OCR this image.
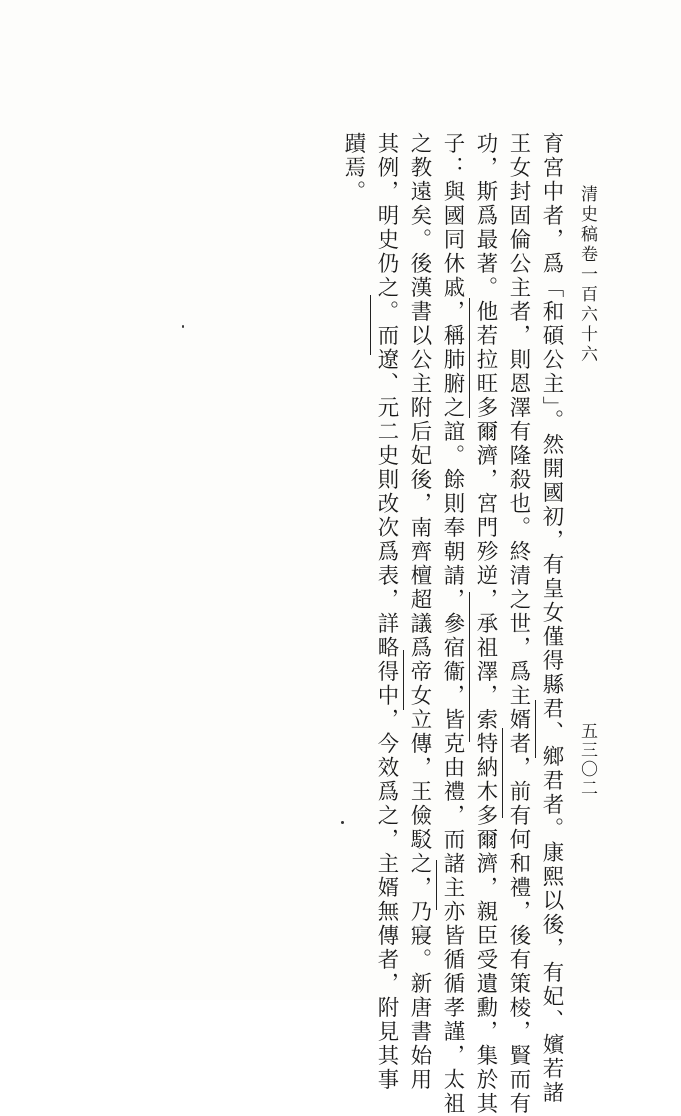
清史稿卷一百六十六
五三〇二
育宮中者，爲「和碩公主」。然開國初，有皇女僅得縣君、鄉君者。康熙以後，有妃、嬪若諸
王女封固倫公主者，則恩澤有隆殺也。終清之世，爲主婿者，前有何和禮，後有策棱，賢而有
功，斯爲最著。他若拉旺多爾濟，宮門殄逆，承祖澤，索特納木多爾濟，親臣受遺勳，集於其
子：與國同休戚，稱肺腑之誼。餘則奉朝請，參宿衞，皆克由禮，而諸主亦皆循循孝謹，太祖
之教遠矣。後漢書以公主附后妃後，南齊檀超議爲帝女立傳，王儉駁之，乃寢。新唐書始用
其例，明史仍之。而遼、元二史則改次爲表，詳略得中，今效爲之，主婿無傳者，附見其事
蹟焉。
